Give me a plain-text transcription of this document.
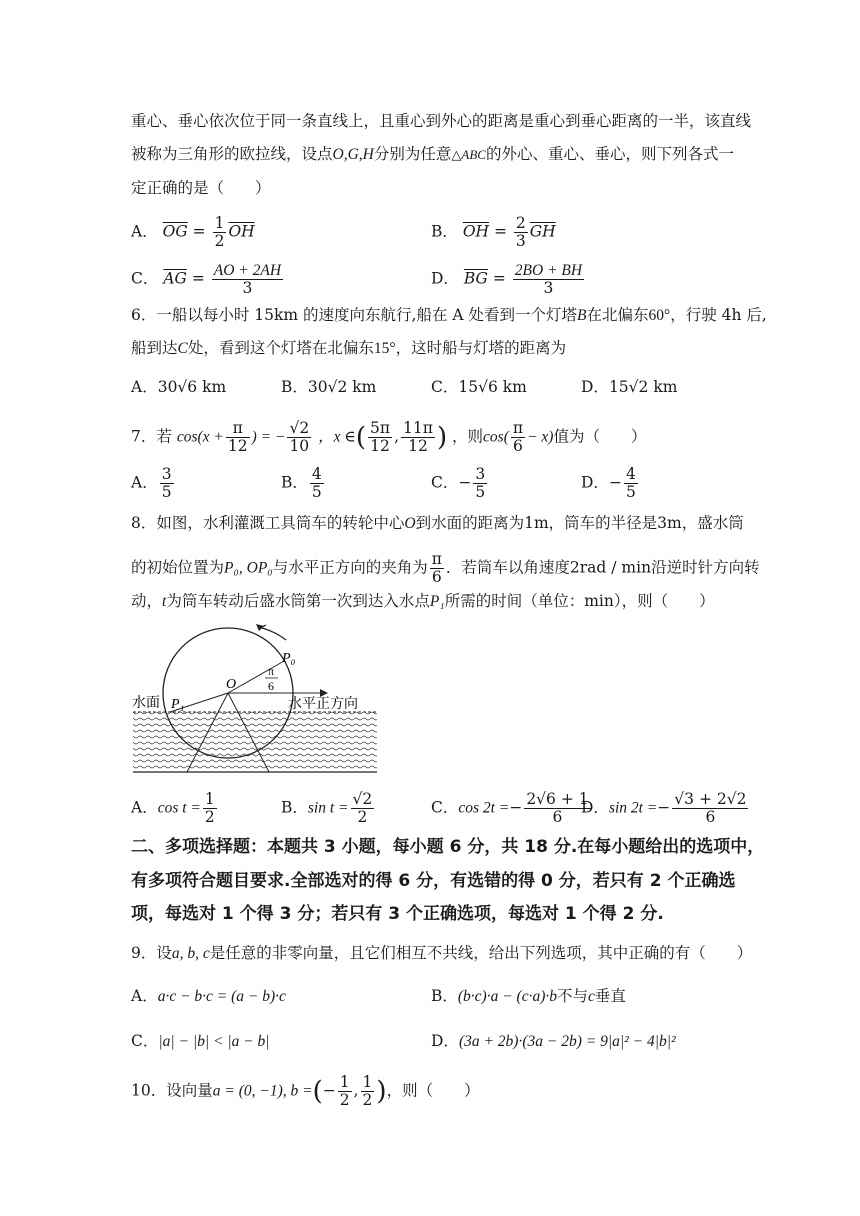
重心、垂心依次位于同一条直线上，且重心到外心的距离是重心到垂心距离的一半，该直线
被称为三角形的欧拉线，设点O,G,H分别为任意△ABC的外心、重心、垂心，则下列各式一
定正确的是（　　）
A． $\overline{OG} = \frac{1}{2} \overline{OH}$	B． $\overline{OH} = \frac{2}{3} \overline{GH}$
C． $\overline{AG} = \frac{AO + 2AH}{3}$	D． $\overline{BG} = \frac{2BO + BH}{3}$
6．一船以每小时 15km 的速度向东航行,船在 A 处看到一个灯塔B在北偏东60°，行驶 4h 后,
船到达C处，看到这个灯塔在北偏东15°，这时船与灯塔的距离为
A．30√6 km	B．30√2 km	C．15√6 km	D．15√2 km
7．若 $\cos(x + \frac{\pi}{12}$ ) = − $\frac{√2}{10}$ ，x ∈( $\frac{5\pi}{12}$ , $\frac{11\pi}{12}$ ) ，则$\cos( \frac{\pi}{6} - x)$值为（　　）
A． $\frac{3}{5}$	B． $\frac{4}{5}$	C．− $\frac{3}{5}$	D．− $\frac{4}{5}$
8．如图，水利灌溉工具筒车的转轮中心O到水面的距离为1m，筒车的半径是3m，盛水筒
的初始位置为P₀, OP₀与水平正方向的夹角为 $\frac{\pi}{6}$ ．若筒车以角速度2rad / min沿逆时针方向转
动，t为筒车转动后盛水筒第一次到达入水点P₁所需的时间（单位：min），则（　　）
O
P₀
P₁
π
6
水面	水平正方向
A．$\cos t = \frac{1}{2}$	B．$\sin t = \frac{√2}{2}$	C．$\cos 2t =- \frac{2√6 + 1}{6}$
D．$\sin 2t =- \frac{√3 + 2√2}{6}$
二、多项选择题：本题共 3 小题，每小题 6 分，共 18 分.在每小题给出的选项中，
有多项符合题目要求.全部选对的得 6 分，有选错的得 0 分，若只有 2 个正确选
项，每选对 1 个得 3 分；若只有 3 个正确选项，每选对 1 个得 2 分.
9．设a, b, c是任意的非零向量，且它们相互不共线，给出下列选项，其中正确的有（　　）
A．a·c − b·c = (a − b)·c	B．(b·c)·a − (c·a)·b不与c垂直
C．|a| − |b| < |a − b|	D．(3a + 2b)·(3a − 2b) = 9|a|² − 4|b|²
10．设向量a = (0, −1), b =(− $\frac{1}{2}$ , $\frac{1}{2}$ )，则（　　）
